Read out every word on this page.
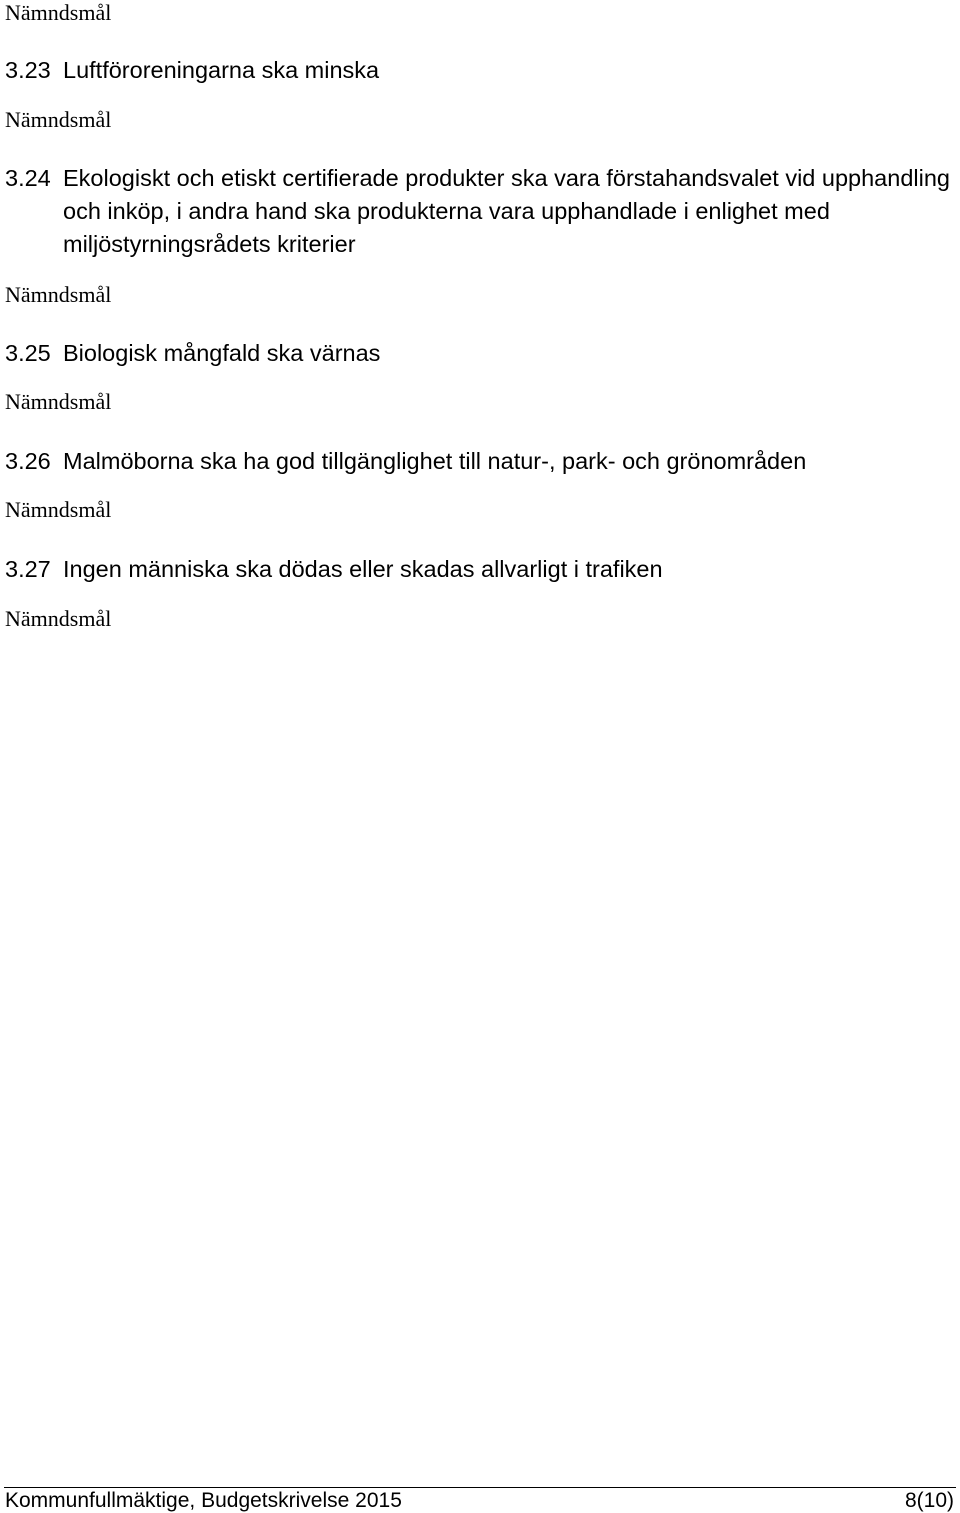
Nämndsmål
3.23 Luftföroreningarna ska minska
Nämndsmål
3.24 Ekologiskt och etiskt certifierade produkter ska vara förstahandsvalet vid upphandling och inköp, i andra hand ska produkterna vara upphandlade i enlighet med miljöstyrningsrådets kriterier
Nämndsmål
3.25 Biologisk mångfald ska värnas
Nämndsmål
3.26 Malmöborna ska ha god tillgänglighet till natur-, park- och grönområden
Nämndsmål
3.27 Ingen människa ska dödas eller skadas allvarligt i trafiken
Nämndsmål
Kommunfullmäktige, Budgetskrivelse 2015	8(10)
